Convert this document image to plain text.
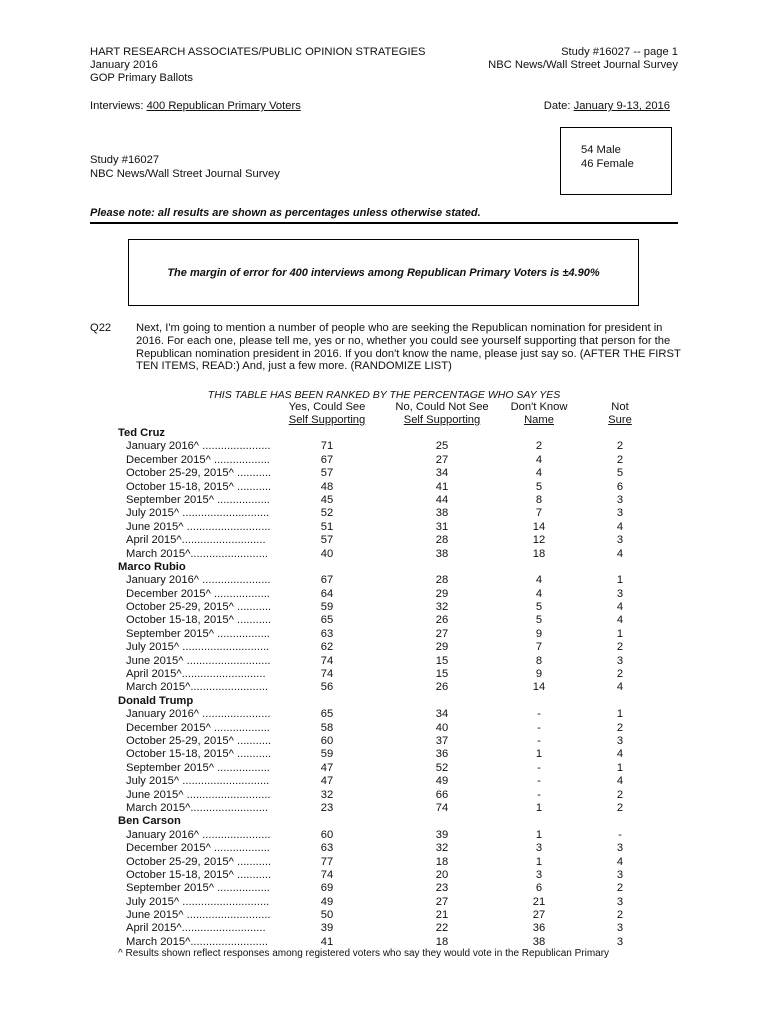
HART RESEARCH ASSOCIATES/PUBLIC OPINION STRATEGIES
January 2016
GOP Primary Ballots
Study #16027 -- page 1
NBC News/Wall Street Journal Survey
Interviews: 400 Republican Primary Voters	Date: January 9-13, 2016
54 Male
46 Female
Study #16027
NBC News/Wall Street Journal Survey
Please note: all results are shown as percentages unless otherwise stated.
The margin of error for 400 interviews among Republican Primary Voters is ±4.90%
Q22 Next, I'm going to mention a number of people who are seeking the Republican nomination for president in 2016. For each one, please tell me, yes or no, whether you could see yourself supporting that person for the Republican nomination president in 2016. If you don't know the name, please just say so. (AFTER THE FIRST TEN ITEMS, READ:) And, just a few more. (RANDOMIZE LIST)
THIS TABLE HAS BEEN RANKED BY THE PERCENTAGE WHO SAY YES
Yes, Could See
Self Supporting
No, Could Not See
Self Supporting
Don't Know
Name
Not
Sure
Ted Cruz
January 2016^ ......................	71	25	2	2
December 2015^ ..................	67	27	4	2
October 25-29, 2015^ ...........	57	34	4	5
October 15-18, 2015^ ...........	48	41	5	6
September 2015^ .................	45	44	8	3
July 2015^ ............................	52	38	7	3
June 2015^ ...........................	51	31	14	4
April 2015^...........................	57	28	12	3
March 2015^.........................	40	38	18	4
Marco Rubio
January 2016^ ......................	67	28	4	1
December 2015^ ..................	64	29	4	3
October 25-29, 2015^ ...........	59	32	5	4
October 15-18, 2015^ ...........	65	26	5	4
September 2015^ .................	63	27	9	1
July 2015^ ............................	62	29	7	2
June 2015^ ...........................	74	15	8	3
April 2015^...........................	74	15	9	2
March 2015^.........................	56	26	14	4
Donald Trump
January 2016^ ......................	65	34	-	1
December 2015^ ..................	58	40	-	2
October 25-29, 2015^ ...........	60	37	-	3
October 15-18, 2015^ ...........	59	36	1	4
September 2015^ .................	47	52	-	1
July 2015^ ............................	47	49	-	4
June 2015^ ...........................	32	66	-	2
March 2015^.........................	23	74	1	2
Ben Carson
January 2016^ ......................	60	39	1	-
December 2015^ ..................	63	32	3	3
October 25-29, 2015^ ...........	77	18	1	4
October 15-18, 2015^ ...........	74	20	3	3
September 2015^ .................	69	23	6	2
July 2015^ ............................	49	27	21	3
June 2015^ ...........................	50	21	27	2
April 2015^...........................	39	22	36	3
March 2015^.........................	41	18	38	3
^ Results shown reflect responses among registered voters who say they would vote in the Republican Primary
